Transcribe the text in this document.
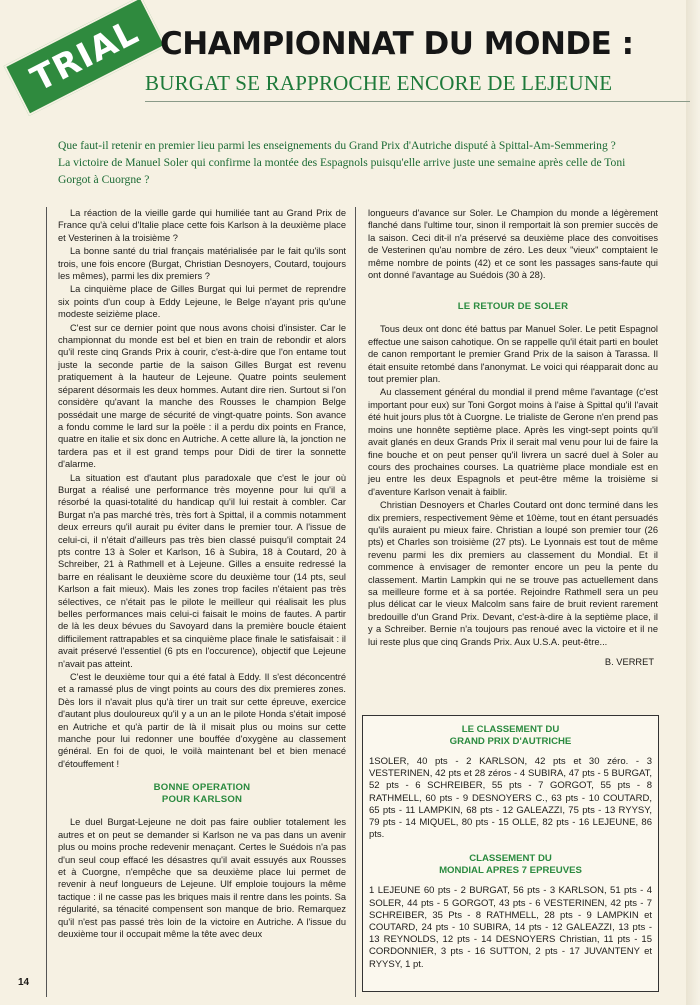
TRIAL CHAMPIONNAT DU MONDE :
BURGAT SE RAPPROCHE ENCORE DE LEJEUNE

Que faut-il retenir en premier lieu parmi les enseignements du Grand Prix d'Autriche disputé à Spittal-Am-Semmering ?

La victoire de Manuel Soler qui confirme la montée des Espagnols puisqu'elle arrive juste une semaine après celle de Toni Gorgot à Cuorgne ?

La réaction de la vieille garde qui humiliée tant au Grand Prix de France qu'à celui d'Italie place cette fois Karlson à la deuxième place et Vesterinen à la troisième ?

La bonne santé du trial français matérialisée par le fait qu'ils sont trois, une fois encore (Burgat, Christian Desnoyers, Coutard, toujours les mêmes), parmi les dix premiers ?

La cinquième place de Gilles Burgat qui lui permet de reprendre six points d'un coup à Eddy Lejeune, le Belge n'ayant pris qu'une modeste seizième place.

C'est sur ce dernier point que nous avons choisi d'insister. Car le championnat du monde est bel et bien en train de rebondir et alors qu'il reste cinq Grands Prix à courir, c'est-à-dire que l'on entame tout juste la seconde partie de la saison Gilles Burgat est revenu pratiquement à la hauteur de Lejeune. Quatre points seulement séparent désormais les deux hommes. Autant dire rien. Surtout si l'on considère qu'avant la manche des Rousses le champion Belge possédait une marge de sécurité de vingt-quatre points. Son avance a fondu comme le lard sur la poële : il a perdu dix points en France, quatre en italie et six donc en Autriche. A cette allure là, la jonction ne tardera pas et il est grand temps pour Didi de tirer la sonnette d'alarme.

La situation est d'autant plus paradoxale que c'est le jour où Burgat a réalisé une performance très moyenne pour lui qu'il a résorbé la quasi-totalité du handicap qu'il lui restait à combler. Car Burgat n'a pas marché très, très fort à Spittal, il a commis notamment deux erreurs qu'il aurait pu éviter dans le premier tour. A l'issue de celui-ci, il n'était d'ailleurs pas très bien classé puisqu'il comptait 24 pts contre 13 à Soler et Karlson, 16 à Subira, 18 à Coutard, 20 à Schreiber, 21 à Rathmell et à Lejeune. Gilles a ensuite redressé la barre en réalisant le deuxième score du deuxième tour (14 pts, seul Karlson a fait mieux). Mais les zones trop faciles n'étaient pas très sélectives, ce n'était pas le pilote le meilleur qui réalisait les plus belles performances mais celui-ci faisait le moins de fautes. A partir de là les deux bévues du Savoyard dans la première boucle étaient difficilement rattrapables et sa cinquième place finale le satisfaisait : il avait préservé l'essentiel (6 pts en l'occurence), objectif que Lejeune n'avait pas atteint.

C'est le deuxième tour qui a été fatal à Eddy. Il s'est déconcentré et a ramassé plus de vingt points au cours des dix premieres zones. Dès lors il n'avait plus qu'à tirer un trait sur cette épreuve, exercice d'autant plus douloureux qu'il y a un an le pilote Honda s'était imposé en Autriche et qu'à partir de là il misait plus ou moins sur cette manche pour lui redonner une bouffée d'oxygène au classement général. En foi de quoi, le voilà maintenant bel et bien menacé d'étouffement !

BONNE OPERATION
POUR KARLSON

Le duel Burgat-Lejeune ne doit pas faire oublier totalement les autres et on peut se demander si Karlson ne va pas dans un avenir plus ou moins proche redevenir menaçant. Certes le Suédois n'a pas d'un seul coup effacé les désastres qu'il avait essuyés aux Rousses et à Cuorgne, n'empêche que sa deuxième place lui permet de revenir à neuf longueurs de Lejeune. Ulf emploie toujours la même tactique : il ne casse pas les briques mais il rentre dans les points. Sa régularité, sa ténacité compensent son manque de brio. Remarquez qu'il n'est pas passé très loin de la victoire en Autriche. A l'issue du deuxième tour il occupait même la tête avec deux

longueurs d'avance sur Soler. Le Champion du monde a légèrement flanché dans l'ultime tour, sinon il remportait là son premier succès de la saison. Ceci dit-il n'a préservé sa deuxième place des convoitises de Vesterinen qu'au nombre de zéro. Les deux "vieux" comptaient le même nombre de points (42) et ce sont les passages sans-faute qui ont donné l'avantage au Suédois (30 à 28).

LE RETOUR DE SOLER

Tous deux ont donc été battus par Manuel Soler. Le petit Espagnol effectue une saison cahotique. On se rappelle qu'il était parti en boulet de canon remportant le premier Grand Prix de la saison à Tarassa. Il était ensuite retombé dans l'anonymat. Le voici qui réapparait donc au tout premier plan.

Au classement général du mondial il prend même l'avantage (c'est important pour eux) sur Toni Gorgot moins à l'aise à Spittal qu'il l'avait été huit jours plus tôt à Cuorgne. Le trialiste de Gerone n'en prend pas moins une honnête septième place. Après les vingt-sept points qu'il avait glanés en deux Grands Prix il serait mal venu pour lui de faire la fine bouche et on peut penser qu'il livrera un sacré duel à Soler au cours des prochaines courses. La quatrième place mondiale est en jeu entre les deux Espagnols et peut-être même la troisième si d'aventure Karlson venait à faiblir.

Christian Desnoyers et Charles Coutard ont donc terminé dans les dix premiers, respectivement 9ème et 10ème, tout en étant persuadés qu'ils auraient pu mieux faire. Christian a loupé son premier tour (26 pts) et Charles son troisième (27 pts). Le Lyonnais est tout de même revenu parmi les dix premiers au classement du Mondial. Et il commence à envisager de remonter encore un peu la pente du classement. Martin Lampkin qui ne se trouve pas actuellement dans sa meilleure forme et à sa portée. Rejoindre Rathmell sera un peu plus délicat car le vieux Malcolm sans faire de bruit revient rarement bredouille d'un Grand Prix. Devant, c'est-à-dire à la septième place, il y a Schreiber. Bernie n'a toujours pas renoué avec la victoire et il ne lui reste plus que cinq Grands Prix. Aux U.S.A. peut-être...

B. VERRET
LE CLASSEMENT DU
GRAND PRIX D'AUTRICHE
1SOLER, 40 pts - 2 KARLSON, 42 pts et 30 zéro. - 3 VESTERINEN, 42 pts et 28 zéros - 4 SUBIRA, 47 pts - 5 BURGAT, 52 pts - 6 SCHREIBER, 55 pts - 7 GORGOT, 55 pts - 8 RATHMELL, 60 pts - 9 DESNOYERS C., 63 pts - 10 COUTARD, 65 pts - 11 LAMPKIN, 68 pts - 12 GALEAZZI, 75 pts - 13 RYYSY, 79 pts - 14 MIQUEL, 80 pts - 15 OLLE, 82 pts - 16 LEJEUNE, 86 pts.
CLASSEMENT DU
MONDIAL APRES 7 EPREUVES
1 LEJEUNE 60 pts - 2 BURGAT, 56 pts - 3 KARLSON, 51 pts - 4 SOLER, 44 pts - 5 GORGOT, 43 pts - 6 VESTERINEN, 42 pts - 7 SCHREIBER, 35 Pts - 8 RATHMELL, 28 pts - 9 LAMPKIN et COUTARD, 24 pts - 10 SUBIRA, 14 pts - 12 GALEAZZI, 13 pts - 13 REYNOLDS, 12 pts - 14 DESNOYERS Christian, 11 pts - 15 CORDONNIER, 3 pts - 16 SUTTON, 2 pts - 17 JUVANTENY et RYYSY, 1 pt.
14
